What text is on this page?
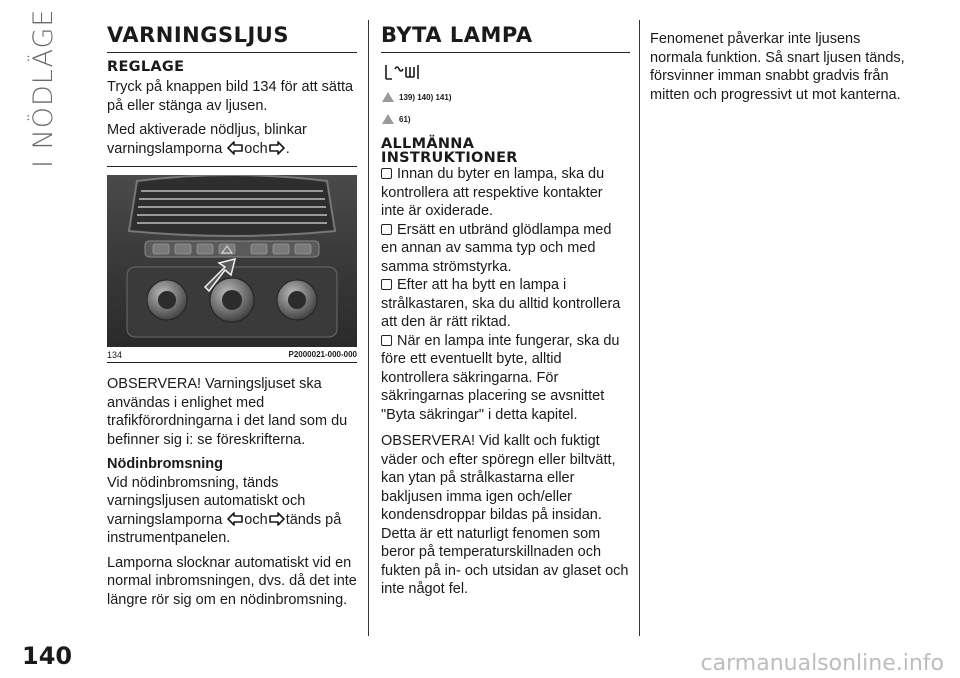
I NÖDLÄGE VARNINGSLJUS
REGLAGE

Tryck på knappen bild 134 för att sätta på eller stänga av ljusen.

Med aktiverade nödljus, blinkar varningslamporna och .

134	P2000021-000-000

OBSERVERA! Varningsljuset ska användas i enlighet med trafikförordningarna i det land som du befinner sig i: se föreskrifterna.

Nödinbromsning

Vid nödinbromsning, tänds varningsljusen automatiskt och varningslamporna och tänds på instrumentpanelen.

Lamporna slocknar automatiskt vid en normal inbromsningen, dvs. då det inte längre rör sig om en nödinbromsning.

BYTA LAMPA
139) 140) 141)
61)
ALLMÄNNA
INSTRUKTIONER

Innan du byter en lampa, ska du kontrollera att respektive kontakter inte är oxiderade.

Ersätt en utbränd glödlampa med en annan av samma typ och med samma strömstyrka.

Efter att ha bytt en lampa i strålkastaren, ska du alltid kontrollera att den är rätt riktad.

När en lampa inte fungerar, ska du före ett eventuellt byte, alltid kontrollera säkringarna. För säkringarnas placering se avsnittet "Byta säkringar" i detta kapitel.

OBSERVERA! Vid kallt och fuktigt väder och efter spöregn eller biltvätt, kan ytan på strålkastarna eller bakljusen imma igen och/eller kondensdroppar bildas på insidan. Detta är ett naturligt fenomen som beror på temperaturskillnaden och fukten på in- och utsidan av glaset och inte något fel.

Fenomenet påverkar inte ljusens normala funktion. Så snart ljusen tänds, försvinner imman snabbt gradvis från mitten och progressivt ut mot kanterna.

140	carmanualsonline.info
